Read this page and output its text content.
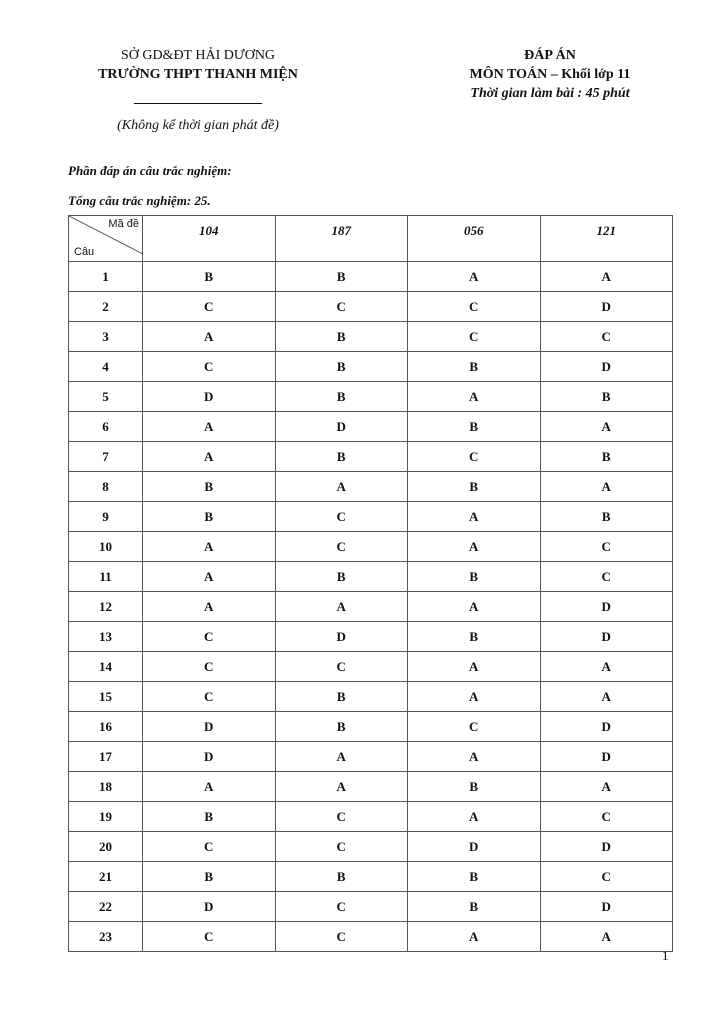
SỞ GD&ĐT HẢI DƯƠNG
TRƯỜNG THPT THANH MIỆN
ĐÁP ÁN
MÔN TOÁN – Khối lớp 11
Thời gian làm bài : 45 phút
(Không kể thời gian phát đề)
Phần đáp án câu trắc nghiệm:
Tổng câu trắc nghiệm: 25.
Mã đề
Câu	104	187	056	121
1	B	B	A	A
2	C	C	C	D
3	A	B	C	C
4	C	B	B	D
5	D	B	A	B
6	A	D	B	A
7	A	B	C	B
8	B	A	B	A
9	B	C	A	B
10	A	C	A	C
11	A	B	B	C
12	A	A	A	D
13	C	D	B	D
14	C	C	A	A
15	C	B	A	A
16	D	B	C	D
17	D	A	A	D
18	A	A	B	A
19	B	C	A	C
20	C	C	D	D
21	B	B	B	C
22	D	C	B	D
23	C	C	A	A
1
